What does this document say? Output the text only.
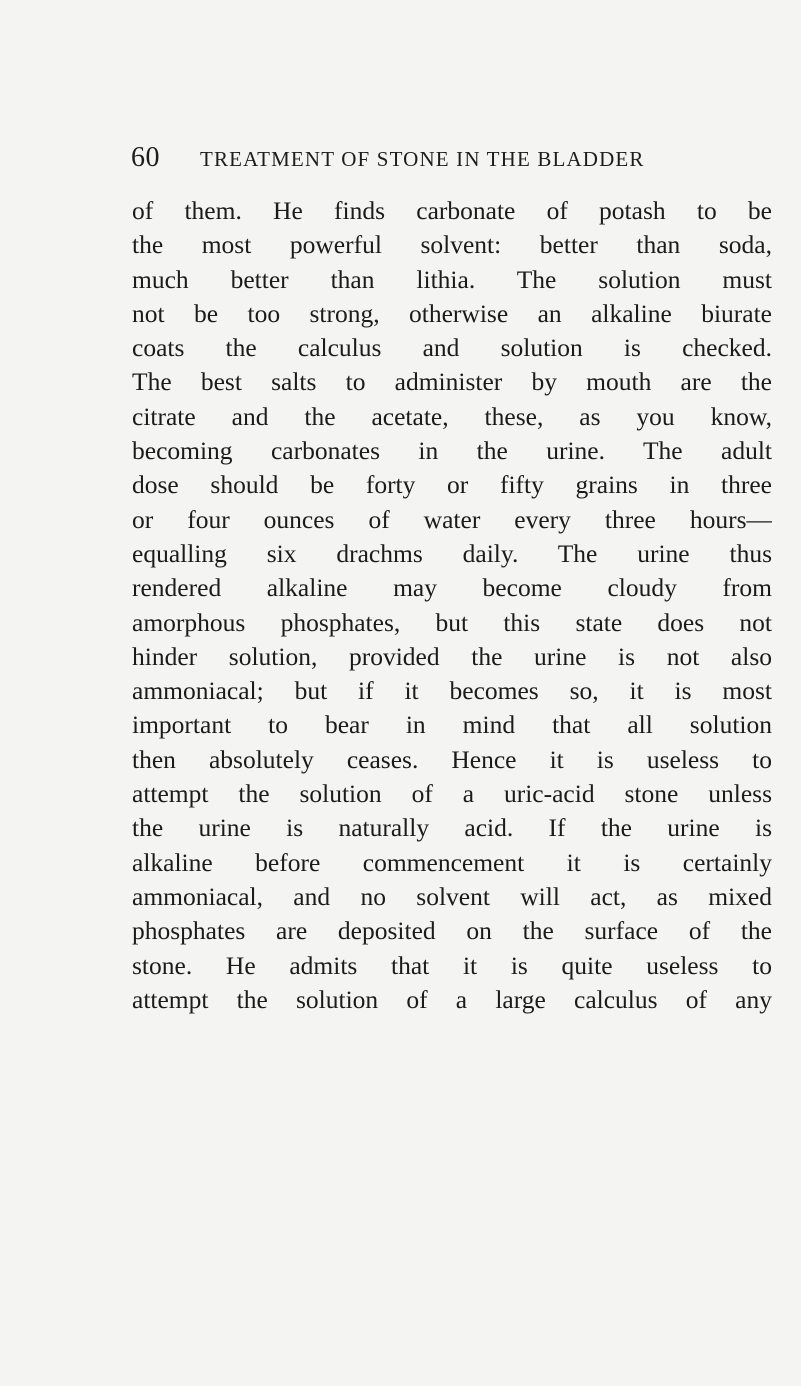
60 TREATMENT OF STONE IN THE BLADDER
of them. He finds carbonate of potash to be
the most powerful solvent: better than soda,
much better than lithia. The solution must
not be too strong, otherwise an alkaline biurate
coats the calculus and solution is checked.
The best salts to administer by mouth are the
citrate and the acetate, these, as you know,
becoming carbonates in the urine. The adult
dose should be forty or fifty grains in three
or four ounces of water every three hours—
equalling six drachms daily. The urine thus
rendered alkaline may become cloudy from
amorphous phosphates, but this state does not
hinder solution, provided the urine is not also
ammoniacal; but if it becomes so, it is most
important to bear in mind that all solution
then absolutely ceases. Hence it is useless to
attempt the solution of a uric-acid stone unless
the urine is naturally acid. If the urine is
alkaline before commencement it is certainly
ammoniacal, and no solvent will act, as mixed
phosphates are deposited on the surface of the
stone. He admits that it is quite useless to
attempt the solution of a large calculus of any
